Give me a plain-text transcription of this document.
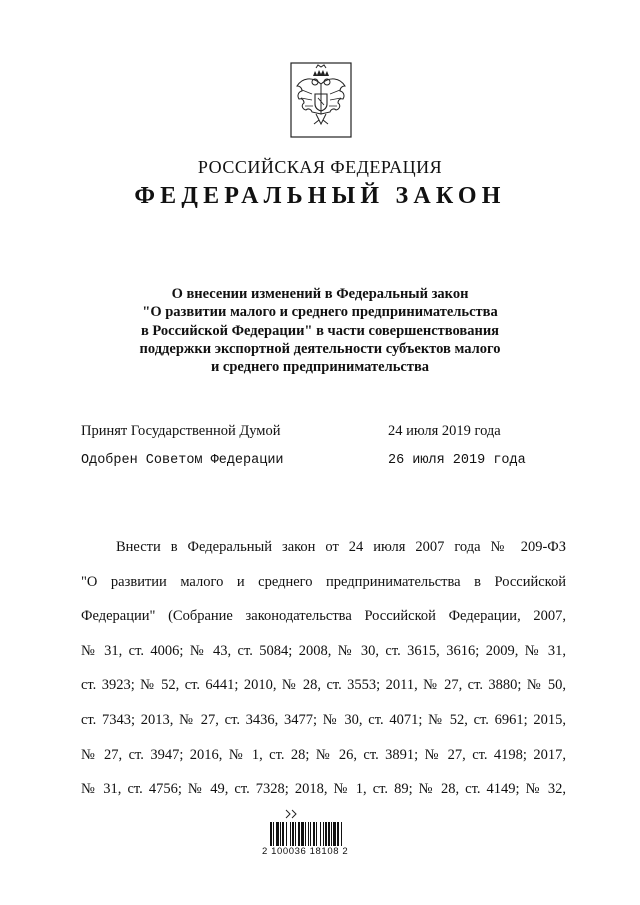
РОССИЙСКАЯ ФЕДЕРАЦИЯ
ФЕДЕРАЛЬНЫЙ ЗАКОН
О внесении изменений в Федеральный закон
"О развитии малого и среднего предпринимательства
в Российской Федерации" в части совершенствования
поддержки экспортной деятельности субъектов малого
и среднего предпринимательства
Принят Государственной Думой	24 июля 2019 года
Одобрен Советом Федерации	26 июля 2019 года
Внести в Федеральный закон от 24 июля 2007 года № 209-ФЗ
"О развитии малого и среднего предпринимательства в Российской
Федерации" (Собрание законодательства Российской Федерации, 2007,
№ 31, ст. 4006; № 43, ст. 5084; 2008, № 30, ст. 3615, 3616; 2009, № 31,
ст. 3923; № 52, ст. 6441; 2010, № 28, ст. 3553; 2011, № 27, ст. 3880; № 50,
ст. 7343; 2013, № 27, ст. 3436, 3477; № 30, ст. 4071; № 52, ст. 6961; 2015,
№ 27, ст. 3947; 2016, № 1, ст. 28; № 26, ст. 3891; № 27, ст. 4198; 2017,
№ 31, ст. 4756; № 49, ст. 7328; 2018, № 1, ст. 89; № 28, ст. 4149; № 32,
2 100036 18108 2
